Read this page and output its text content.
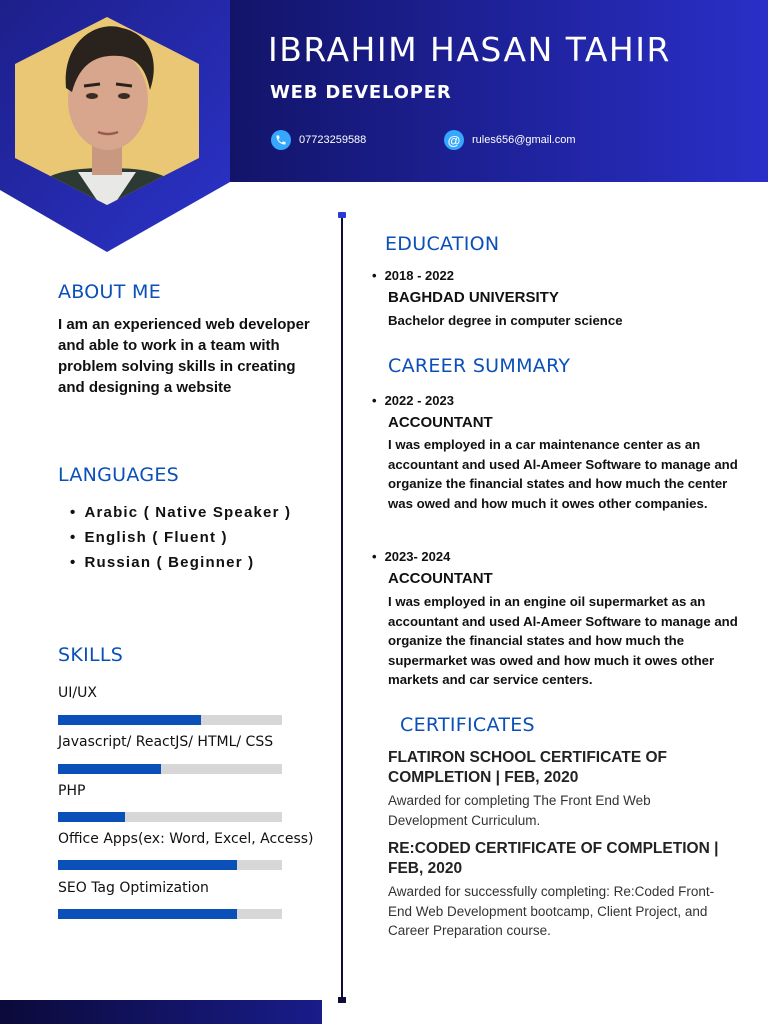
IBRAHIM HASAN TAHIR
WEB DEVELOPER
07723259588	@ rules656@gmail.com
ABOUT ME
I am an experienced web developer and able to work in a team with problem solving skills in creating and designing a website
LANGUAGES
• Arabic ( Native Speaker )
• English ( Fluent )
• Russian ( Beginner )
SKILLS
UI/UX
Javascript/ ReactJS/ HTML/ CSS
PHP
Office Apps(ex: Word, Excel, Access)
SEO Tag Optimization
EDUCATION
• 2018 - 2022
BAGHDAD UNIVERSITY
Bachelor degree in computer science
CAREER SUMMARY
• 2022 - 2023
ACCOUNTANT
I was employed in a car maintenance center as an accountant and used Al-Ameer Software to manage and organize the financial states and how much the center was owed and how much it owes other companies.
• 2023- 2024
ACCOUNTANT
I was employed in an engine oil supermarket as an accountant and used Al-Ameer Software to manage and organize the financial states and how much the supermarket was owed and how much it owes other markets and car service centers.
CERTIFICATES
FLATIRON SCHOOL CERTIFICATE OF COMPLETION | FEB, 2020
Awarded for completing The Front End Web Development Curriculum.
RE:CODED CERTIFICATE OF COMPLETION | FEB, 2020
Awarded for successfully completing: Re:Coded Front-End Web Development bootcamp, Client Project, and Career Preparation course.
